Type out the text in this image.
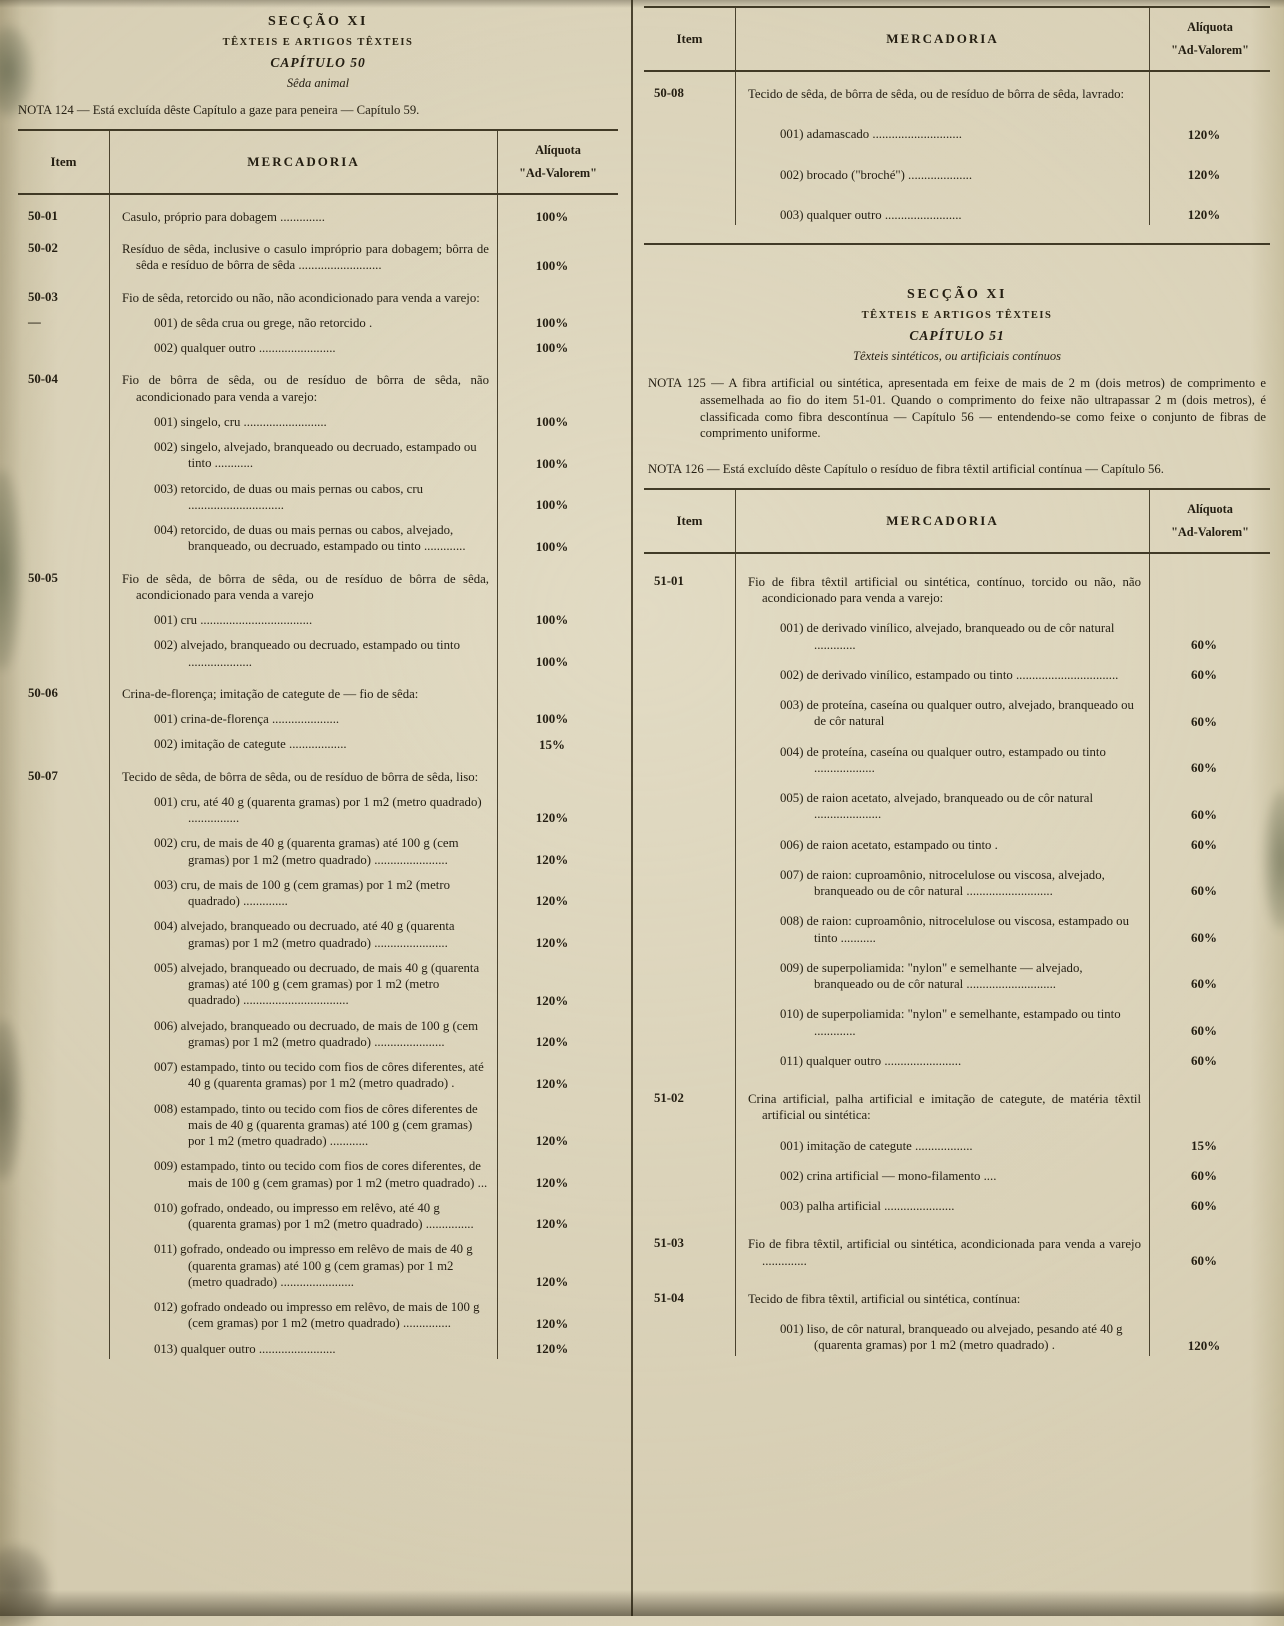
SECÇÃO XI
TÊXTEIS E ARTIGOS TÊXTEIS
CAPÍTULO 50
Sêda animal

NOTA 124 — Está excluída dêste Capítulo a gaze para peneira — Capítulo 59.

Item	MERCADORIA
Alíquota
"Ad-Valorem"
50-01	Casulo, próprio para dobagem ..............	100%
50-02	Resíduo de sêda, inclusive o casulo impróprio para dobagem; bôrra de sêda e resíduo de bôrra de sêda ..........................	100%
50-03	Fio de sêda, retorcido ou não, não acondicionado para venda a varejo:
—	001) de sêda crua ou grege, não retorcido .	100%
002) qualquer outro ........................	100%
50-04	Fio de bôrra de sêda, ou de resíduo de bôrra de sêda, não acondicionado para venda a varejo:
001) singelo, cru ..........................	100%
002) singelo, alvejado, branqueado ou decruado, estampado ou tinto ............	100%
003) retorcido, de duas ou mais pernas ou cabos, cru ..............................	100%
004) retorcido, de duas ou mais pernas ou cabos, alvejado, branqueado, ou decruado, estampado ou tinto .............	100%
50-05	Fio de sêda, de bôrra de sêda, ou de resíduo de bôrra de sêda, acondicionado para venda a varejo
001) cru ...................................	100%
002) alvejado, branqueado ou decruado, estampado ou tinto ....................	100%
50-06	Crina-de-florença; imitação de categute de — fio de sêda:
001) crina-de-florença .....................	100%
002) imitação de categute ..................	15%
50-07	Tecido de sêda, de bôrra de sêda, ou de resíduo de bôrra de sêda, liso:
001) cru, até 40 g (quarenta gramas) por 1 m2 (metro quadrado) ................	120%
002) cru, de mais de 40 g (quarenta gramas) até 100 g (cem gramas) por 1 m2 (metro quadrado) .......................	120%
003) cru, de mais de 100 g (cem gramas) por 1 m2 (metro quadrado) ..............	120%
004) alvejado, branqueado ou decruado, até 40 g (quarenta gramas) por 1 m2 (metro quadrado) .......................	120%
005) alvejado, branqueado ou decruado, de mais 40 g (quarenta gramas) até 100 g (cem gramas) por 1 m2 (metro quadrado) .................................	120%
006) alvejado, branqueado ou decruado, de mais de 100 g (cem gramas) por 1 m2 (metro quadrado) ......................	120%
007) estampado, tinto ou tecido com fios de côres diferentes, até 40 g (quarenta gramas) por 1 m2 (metro quadrado) .	120%
008) estampado, tinto ou tecido com fios de côres diferentes de mais de 40 g (quarenta gramas) até 100 g (cem gramas) por 1 m2 (metro quadrado) ............	120%
009) estampado, tinto ou tecido com fios de cores diferentes, de mais de 100 g (cem gramas) por 1 m2 (metro quadrado) ...	120%
010) gofrado, ondeado, ou impresso em relêvo, até 40 g (quarenta gramas) por 1 m2 (metro quadrado) ...............	120%
011) gofrado, ondeado ou impresso em relêvo de mais de 40 g (quarenta gramas) até 100 g (cem gramas) por 1 m2 (metro quadrado) .......................	120%
012) gofrado ondeado ou impresso em relêvo, de mais de 100 g (cem gramas) por 1 m2 (metro quadrado) ...............	120%
013) qualquer outro ........................	120%
Item	MERCADORIA
Alíquota
"Ad-Valorem"
50-08	Tecido de sêda, de bôrra de sêda, ou de resíduo de bôrra de sêda, lavrado:
001) adamascado ............................	120%
002) brocado ("broché") ....................	120%
003) qualquer outro ........................	120%
SECÇÃO XI
TÊXTEIS E ARTIGOS TÊXTEIS
CAPÍTULO 51
Têxteis sintéticos, ou artificiais contínuos

NOTA 125 — A fibra artificial ou sintética, apresentada em feixe de mais de 2 m (dois metros) de comprimento e assemelhada ao fio do item 51-01. Quando o comprimento do feixe não ultrapassar 2 m (dois metros), é classificada como fibra descontínua — Capítulo 56 — entendendo-se como feixe o conjunto de fibras de comprimento uniforme.

NOTA 126 — Está excluído dêste Capítulo o resíduo de fibra têxtil artificial contínua — Capítulo 56.

Item	MERCADORIA
Alíquota
"Ad-Valorem"
51-01	Fio de fibra têxtil artificial ou sintética, contínuo, torcido ou não, não acondicionado para venda a varejo:
001) de derivado vinílico, alvejado, branqueado ou de côr natural .............	60%
002) de derivado vinílico, estampado ou tinto ................................	60%
003) de proteína, caseína ou qualquer outro, alvejado, branqueado ou de côr natural	60%
004) de proteína, caseína ou qualquer outro, estampado ou tinto ...................	60%
005) de raion acetato, alvejado, branqueado ou de côr natural .....................	60%
006) de raion acetato, estampado ou tinto .	60%
007) de raion: cuproamônio, nitrocelulose ou viscosa, alvejado, branqueado ou de côr natural ...........................	60%
008) de raion: cuproamônio, nitrocelulose ou viscosa, estampado ou tinto ...........	60%
009) de superpoliamida: "nylon" e semelhante — alvejado, branqueado ou de côr natural ............................	60%
010) de superpoliamida: "nylon" e semelhante, estampado ou tinto .............	60%
011) qualquer outro ........................	60%
51-02	Crina artificial, palha artificial e imitação de categute, de matéria têxtil artificial ou sintética:
001) imitação de categute ..................	15%
002) crina artificial — mono-filamento ....	60%
003) palha artificial ......................	60%
51-03	Fio de fibra têxtil, artificial ou sintética, acondicionada para venda a varejo ..............	60%
51-04	Tecido de fibra têxtil, artificial ou sintética, contínua:
001) liso, de côr natural, branqueado ou alvejado, pesando até 40 g (quarenta gramas) por 1 m2 (metro quadrado) .	120%
